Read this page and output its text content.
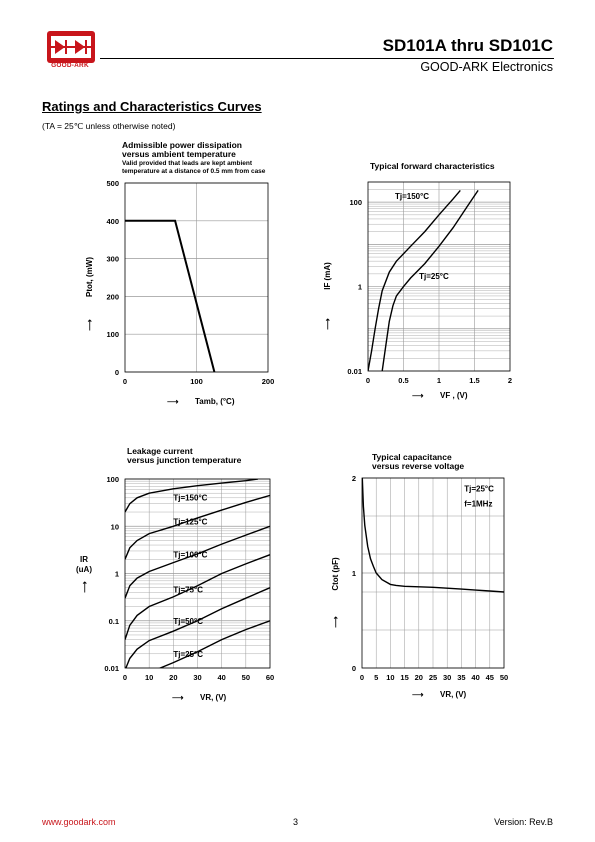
GOOD-ARK
SD101A thru SD101C
GOOD-ARK Electronics
Ratings and Characteristics Curves
(TA = 25℃ unless otherwise noted)
Admissible power dissipation
versus ambient temperature
Valid provided that leads are kept ambient
temperature at a distance of 0.5 mm from case
0	100	200
0
100
200
300
400
500
⟶ Tamb, (°C)
Ptot, (mW)
⟶
Typical forward characteristics
0	0.5	1	1.5	2
0.01
1
100
⟶ VF , (V)
IF (mA)
⟶
Tj=150°C
Tj=25°C
Leakage current
versus junction temperature
0 10 20 30 40 50 60
0.01
0.1
1
10
100
⟶ VR, (V)
IR
(uA)
⟶
Tj=150°C
Tj=125°C
Tj=100°C
Tj=75°C
Tj=50°C
Tj=25°C
Typical capacitance
versus reverse voltage
0 5 10 15 20 25 30 35 40 45 50
0
1
2
⟶ VR, (V)
Ctot (pF)
⟶
Tj=25°C
f=1MHz
www.goodark.com	3	Version: Rev.B
